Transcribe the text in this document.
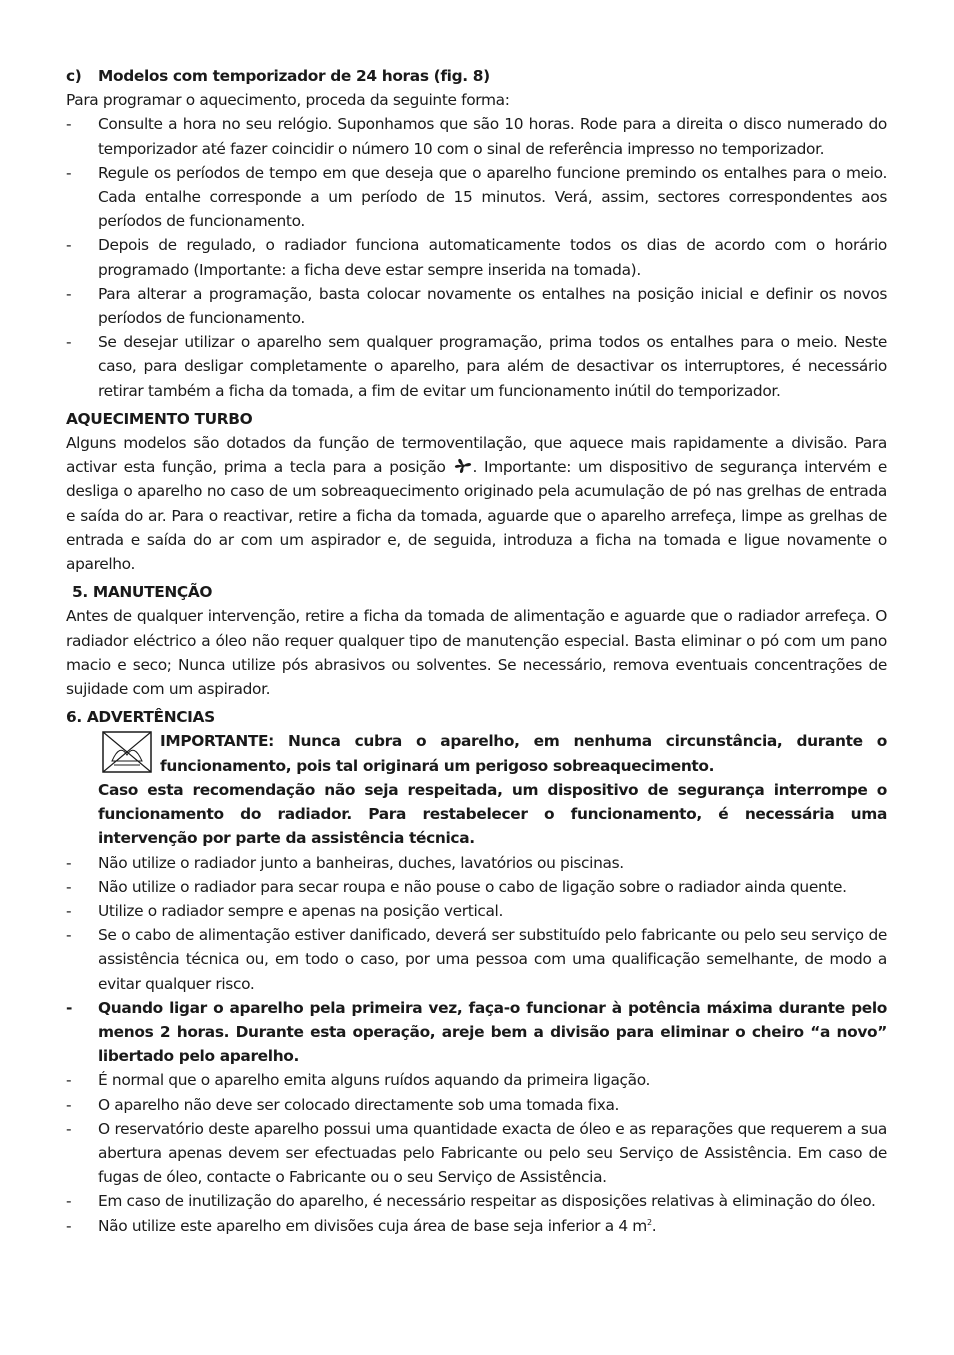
c) Modelos com temporizador de 24 horas (fig. 8)

Para programar o aquecimento, proceda da seguinte forma:

- Consulte a hora no seu relógio. Suponhamos que são 10 horas. Rode para a direita o disco numerado do temporizador até fazer coincidir o número 10 com o sinal de referência impresso no temporizador.
- Regule os períodos de tempo em que deseja que o aparelho funcione premindo os entalhes para o meio. Cada entalhe corresponde a um período de 15 minutos. Verá, assim, sectores correspondentes aos períodos de funcionamento.
- Depois de regulado, o radiador funciona automaticamente todos os dias de acordo com o horário programado (Importante: a ficha deve estar sempre inserida na tomada).
- Para alterar a programação, basta colocar novamente os entalhes na posição inicial e definir os novos períodos de funcionamento.
- Se desejar utilizar o aparelho sem qualquer programação, prima todos os entalhes para o meio. Neste caso, para desligar completamente o aparelho, para além de desactivar os interruptores, é necessário retirar também a ficha da tomada, a fim de evitar um funcionamento inútil do temporizador.

AQUECIMENTO TURBO

Alguns modelos são dotados da função de termoventilação, que aquece mais rapidamente a divisão. Para activar esta função, prima a tecla para a posição . Importante: um dispositivo de segurança intervém e desliga o aparelho no caso de um sobreaquecimento originado pela acumulação de pó nas grelhas de entrada e saída do ar. Para o reactivar, retire a ficha da tomada, aguarde que o aparelho arrefeça, limpe as grelhas de entrada e saída do ar com um aspirador e, de seguida, introduza a ficha na tomada e ligue novamente o aparelho.

5. MANUTENÇÃO

Antes de qualquer intervenção, retire a ficha da tomada de alimentação e aguarde que o radiador arrefeça. O radiador eléctrico a óleo não requer qualquer tipo de manutenção especial. Basta eliminar o pó com um pano macio e seco; Nunca utilize pós abrasivos ou solventes. Se necessário, remova eventuais concentrações de sujidade com um aspirador.

6. ADVERTÊNCIAS

IMPORTANTE: Nunca cubra o aparelho, em nenhuma circunstância, durante o funcionamento, pois tal originará um perigoso sobreaquecimento.

Caso esta recomendação não seja respeitada, um dispositivo de segurança interrompe o funcionamento do radiador. Para restabelecer o funcionamento, é necessária uma intervenção por parte da assistência técnica.

- Não utilize o radiador junto a banheiras, duches, lavatórios ou piscinas.
- Não utilize o radiador para secar roupa e não pouse o cabo de ligação sobre o radiador ainda quente.
- Utilize o radiador sempre e apenas na posição vertical.
- Se o cabo de alimentação estiver danificado, deverá ser substituído pelo fabricante ou pelo seu serviço de assistência técnica ou, em todo o caso, por uma pessoa com uma qualificação semelhante, de modo a evitar qualquer risco.
- Quando ligar o aparelho pela primeira vez, faça-o funcionar à potência máxima durante pelo menos 2 horas. Durante esta operação, areje bem a divisão para eliminar o cheiro “a novo” libertado pelo aparelho.
- É normal que o aparelho emita alguns ruídos aquando da primeira ligação.
- O aparelho não deve ser colocado directamente sob uma tomada fixa.
- O reservatório deste aparelho possui uma quantidade exacta de óleo e as reparações que requerem a sua abertura apenas devem ser efectuadas pelo Fabricante ou pelo seu Serviço de Assistência. Em caso de fugas de óleo, contacte o Fabricante ou o seu Serviço de Assistência.
- Em caso de inutilização do aparelho, é necessário respeitar as disposições relativas à eliminação do óleo.
- Não utilize este aparelho em divisões cuja área de base seja inferior a 4 $m^2$.
